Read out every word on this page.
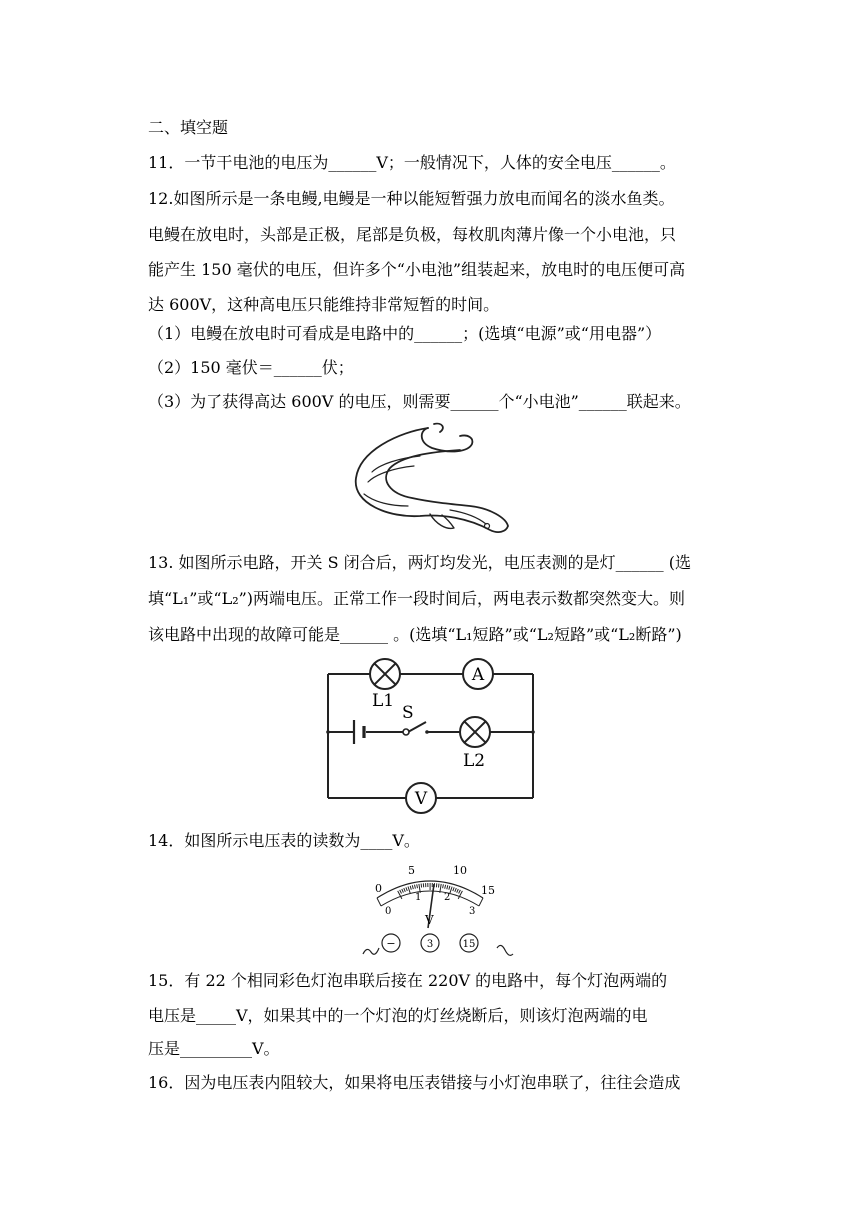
二、填空题
11．一节干电池的电压为______V；一般情况下，人体的安全电压______。
12.如图所示是一条电鳗,电鳗是一种以能短暂强力放电而闻名的淡水鱼类。
电鳗在放电时，头部是正极，尾部是负极，每枚肌肉薄片像一个小电池，只
能产生 150 毫伏的电压，但许多个“小电池”组装起来，放电时的电压便可高
达 600V，这种高电压只能维持非常短暂的时间。
（1）电鳗在放电时可看成是电路中的______；(选填“电源”或“用电器”）
（2）150 毫伏＝______伏；
（3）为了获得高达 600V 的电压，则需要______个“小电池”______联起来。
13. 如图所示电路，开关 S 闭合后，两灯均发光，电压表测的是灯______ (选
填“L₁”或“L₂”)两端电压。正常工作一段时间后，两电表示数都突然变大。则
该电路中出现的故障可能是______ 。(选填“L₁短路”或“L₂短路”或“L₂断路”)
A
V
L1
S
L2
14．如图所示电压表的读数为____V。
0
5	10
15
0
1 2
3
V
−	3	15
15．有 22 个相同彩色灯泡串联后接在 220V 的电路中，每个灯泡两端的
电压是_____V，如果其中的一个灯泡的灯丝烧断后，则该灯泡两端的电
压是_________V。
16．因为电压表内阻较大，如果将电压表错接与小灯泡串联了，往往会造成
